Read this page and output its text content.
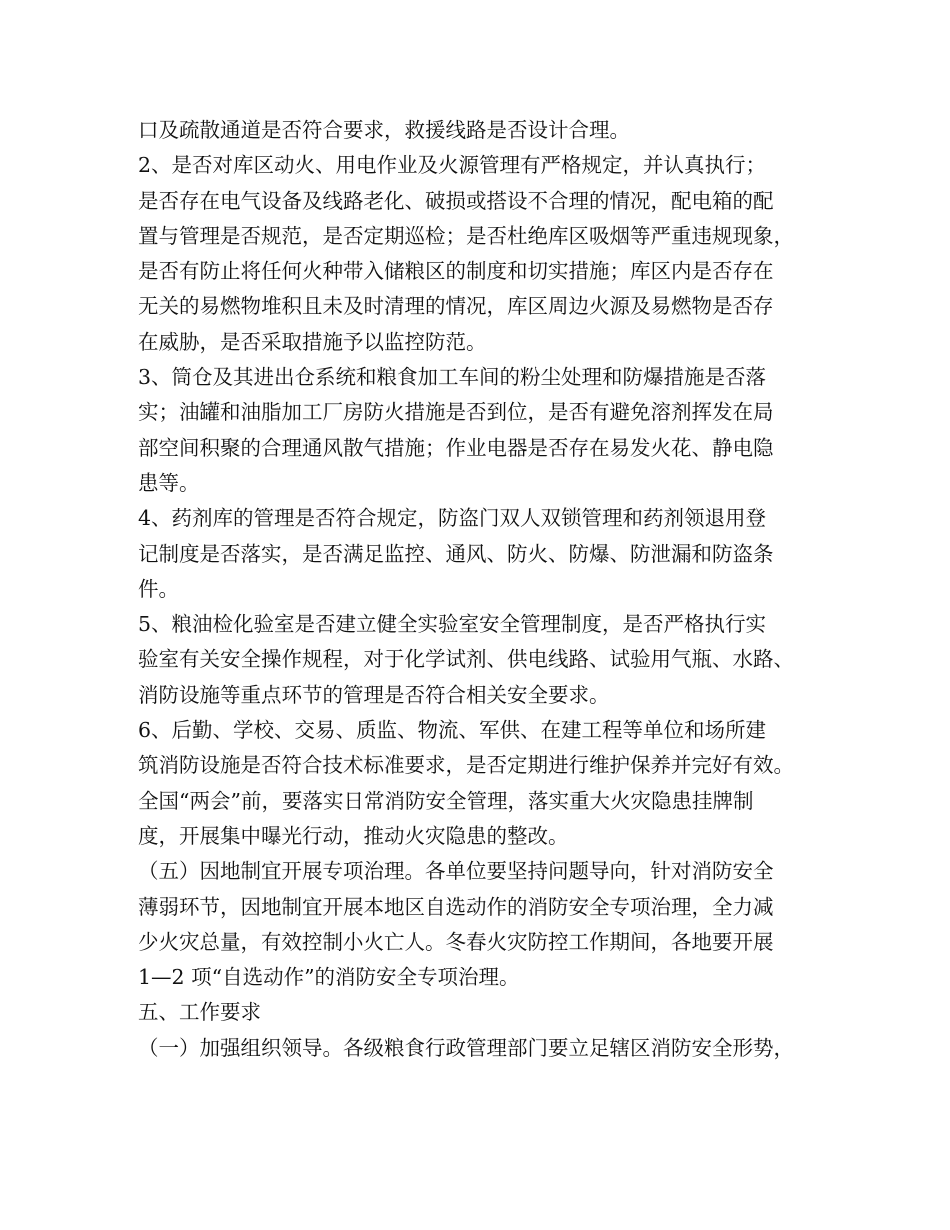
口及疏散通道是否符合要求，救援线路是否设计合理。
2、是否对库区动火、用电作业及火源管理有严格规定，并认真执行；
是否存在电气设备及线路老化、破损或搭设不合理的情况，配电箱的配
置与管理是否规范，是否定期巡检；是否杜绝库区吸烟等严重违规现象，
是否有防止将任何火种带入储粮区的制度和切实措施；库区内是否存在
无关的易燃物堆积且未及时清理的情况，库区周边火源及易燃物是否存
在威胁，是否采取措施予以监控防范。
3、筒仓及其进出仓系统和粮食加工车间的粉尘处理和防爆措施是否落
实；油罐和油脂加工厂房防火措施是否到位，是否有避免溶剂挥发在局
部空间积聚的合理通风散气措施；作业电器是否存在易发火花、静电隐
患等。
4、药剂库的管理是否符合规定，防盗门双人双锁管理和药剂领退用登
记制度是否落实，是否满足监控、通风、防火、防爆、防泄漏和防盗条
件。
5、粮油检化验室是否建立健全实验室安全管理制度，是否严格执行实
验室有关安全操作规程，对于化学试剂、供电线路、试验用气瓶、水路、
消防设施等重点环节的管理是否符合相关安全要求。
6、后勤、学校、交易、质监、物流、军供、在建工程等单位和场所建
筑消防设施是否符合技术标准要求，是否定期进行维护保养并完好有效。
全国“两会”前，要落实日常消防安全管理，落实重大火灾隐患挂牌制
度，开展集中曝光行动，推动火灾隐患的整改。
（五）因地制宜开展专项治理。各单位要坚持问题导向，针对消防安全
薄弱环节，因地制宜开展本地区自选动作的消防安全专项治理，全力减
少火灾总量，有效控制小火亡人。冬春火灾防控工作期间，各地要开展
1—2 项“自选动作”的消防安全专项治理。
五、工作要求
（一）加强组织领导。各级粮食行政管理部门要立足辖区消防安全形势，
